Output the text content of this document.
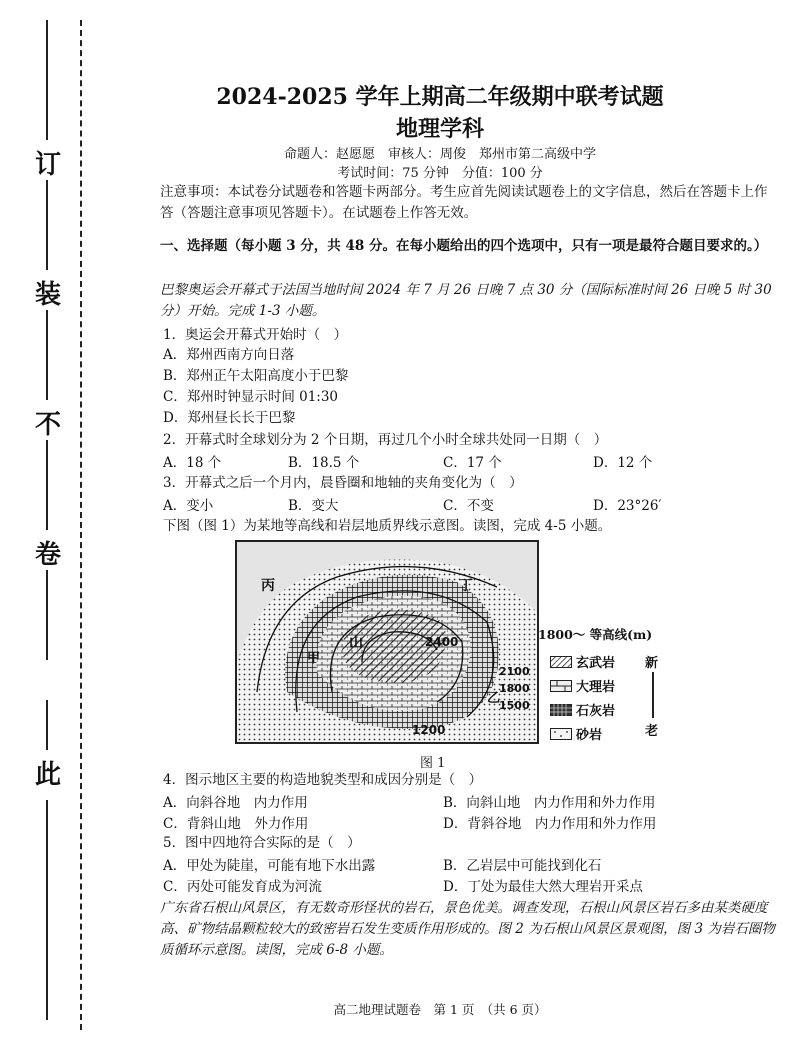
订
装
不
卷
此
2024-2025 学年上期高二年级期中联考试题
地理学科
命题人：赵愿愿　审核人：周俊　郑州市第二高级中学
考试时间：75 分钟　分值：100 分
注意事项：本试卷分试题卷和答题卡两部分。考生应首先阅读试题卷上的文字信息，然后在答题卡上作答（答题注意事项见答题卡）。在试题卷上作答无效。
一、选择题（每小题 3 分，共 48 分。在每小题给出的四个选项中，只有一项是最符合题目要求的。）
巴黎奥运会开幕式于法国当地时间 2024 年 7 月 26 日晚 7 点 30 分（国际标准时间 26 日晚 5 时 30 分）开始。完成 1-3 小题。
1．奥运会开幕式开始时（　）
A．郑州西南方向日落
B．郑州正午太阳高度小于巴黎
C．郑州时钟显示时间 01:30
D．郑州昼长长于巴黎
2．开幕式时全球划分为 2 个日期，再过几个小时全球共处同一日期（　）
A．18 个	B．18.5 个	C．17 个	D．12 个
3．开幕式之后一个月内，晨昏圈和地轴的夹角变化为（　）
A．变小	B．变大	C．不变	D．23°26′
下图（图 1）为某地等高线和岩层地质界线示意图。读图，完成 4-5 小题。
丙	丁
山
甲
乙
2400
2100
1800
1500
1200
1800～ 等高线(m)
玄武岩
大理岩
石灰岩
砂岩
新
老
图 1
4．图示地区主要的构造地貌类型和成因分别是（　）
A．向斜谷地　内力作用	B．向斜山地　内力作用和外力作用
C．背斜山地　外力作用	D．背斜谷地　内力作用和外力作用
5．图中四地符合实际的是（　）
A．甲处为陡崖，可能有地下水出露	B．乙岩层中可能找到化石
C．丙处可能发育成为河流	D．丁处为最佳大然大理岩开采点
广东省石根山风景区，有无数奇形怪状的岩石，景色优美。调查发现，石根山风景区岩石多由某类硬度高、矿物结晶颗粒较大的致密岩石发生变质作用形成的。图 2 为石根山风景区景观图，图 3 为岩石圈物质循环示意图。读图，完成 6-8 小题。
高二地理试题卷　第 1 页　（共 6 页）
